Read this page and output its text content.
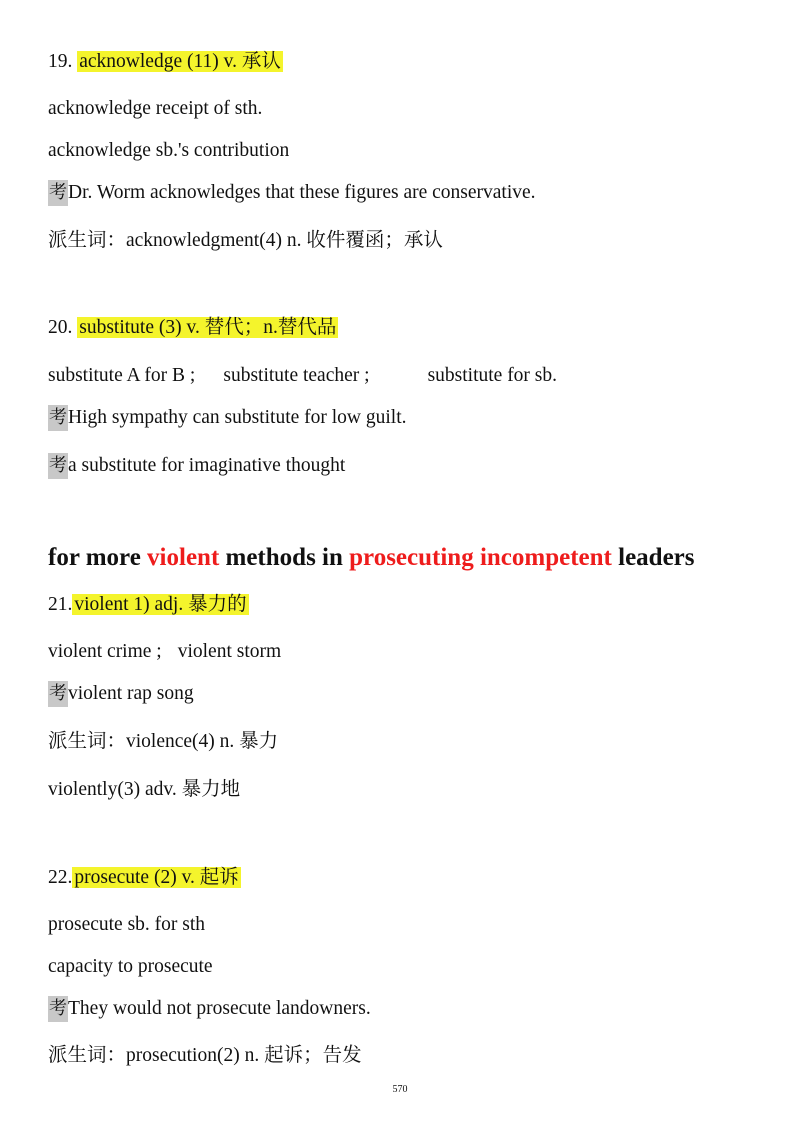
19. acknowledge (11) v. 承认
acknowledge receipt of sth.
acknowledge sb.'s contribution
考Dr. Worm acknowledges that these figures are conservative.
派生词：acknowledgment(4) n. 收件覆函；承认
20. substitute (3) v. 替代；n.替代品
substitute A for B ; substitute teacher ;	substitute for sb.
考High sympathy can substitute for low guilt.
考a substitute for imaginative thought
for more violent methods in prosecuting incompetent leaders
21. violent 1) adj. 暴力的
violent crime ; violent storm
考violent rap song
派生词：violence(4) n. 暴力
violently(3) adv. 暴力地
22. prosecute (2) v. 起诉
prosecute sb. for sth
capacity to prosecute
考They would not prosecute landowners.
派生词：prosecution(2) n. 起诉；告发
570
